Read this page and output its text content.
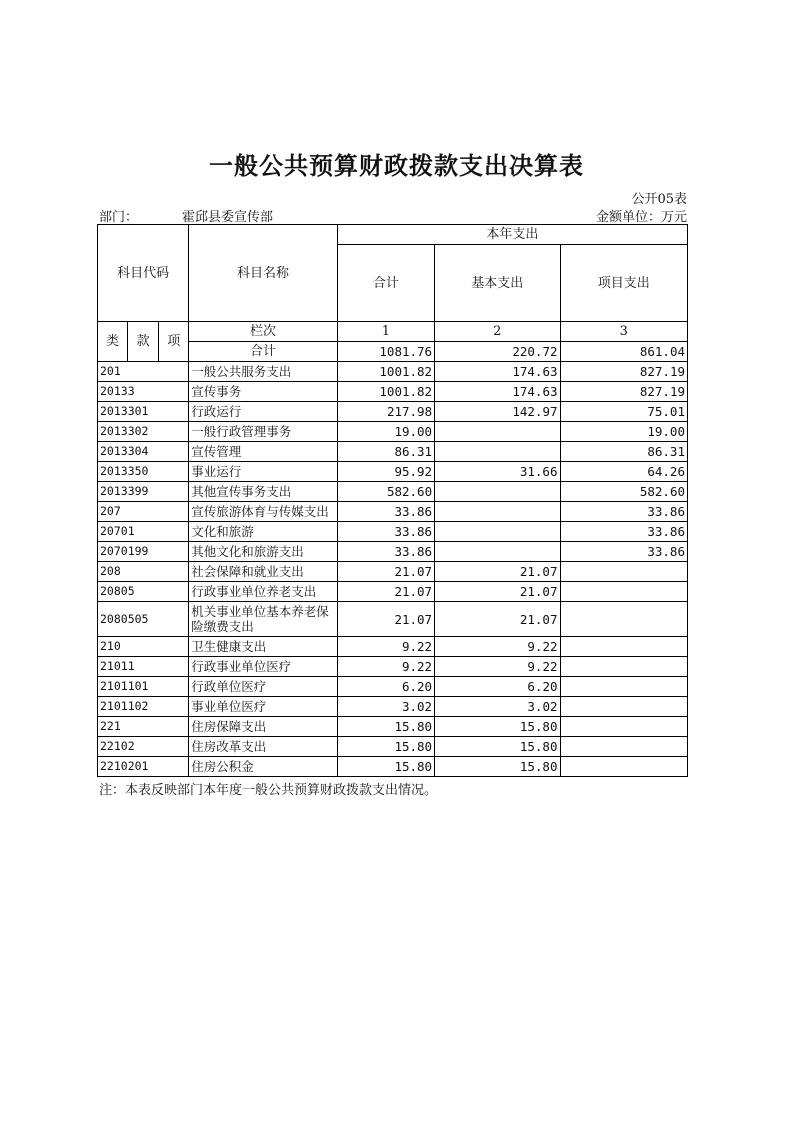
一般公共预算财政拨款支出决算表
公开05表
部门：	霍邱县委宣传部	金额单位：万元
科目代码			科目名称	本年支出		
				合计	基本支出	项目支出
类	款	项	栏次	1	2	3
			合计	1081.76	220.72	861.04
201			一般公共服务支出	1001.82	174.63	827.19
20133			宣传事务	1001.82	174.63	827.19
2013301			行政运行	217.98	142.97	75.01
2013302			一般行政管理事务	19.00		19.00
2013304			宣传管理	86.31		86.31
2013350			事业运行	95.92	31.66	64.26
2013399			其他宣传事务支出	582.60		582.60
207			宣传旅游体育与传媒支出	33.86		33.86
20701			文化和旅游	33.86		33.86
2070199			其他文化和旅游支出	33.86		33.86
208			社会保障和就业支出	21.07	21.07	
20805			行政事业单位养老支出	21.07	21.07	
2080505			机关事业单位基本养老保险缴费支出	21.07	21.07	
210			卫生健康支出	9.22	9.22	
21011			行政事业单位医疗	9.22	9.22	
2101101			行政单位医疗	6.20	6.20	
2101102			事业单位医疗	3.02	3.02	
221			住房保障支出	15.80	15.80	
22102			住房改革支出	15.80	15.80	
2210201			住房公积金	15.80	15.80	
注：本表反映部门本年度一般公共预算财政拨款支出情况。
